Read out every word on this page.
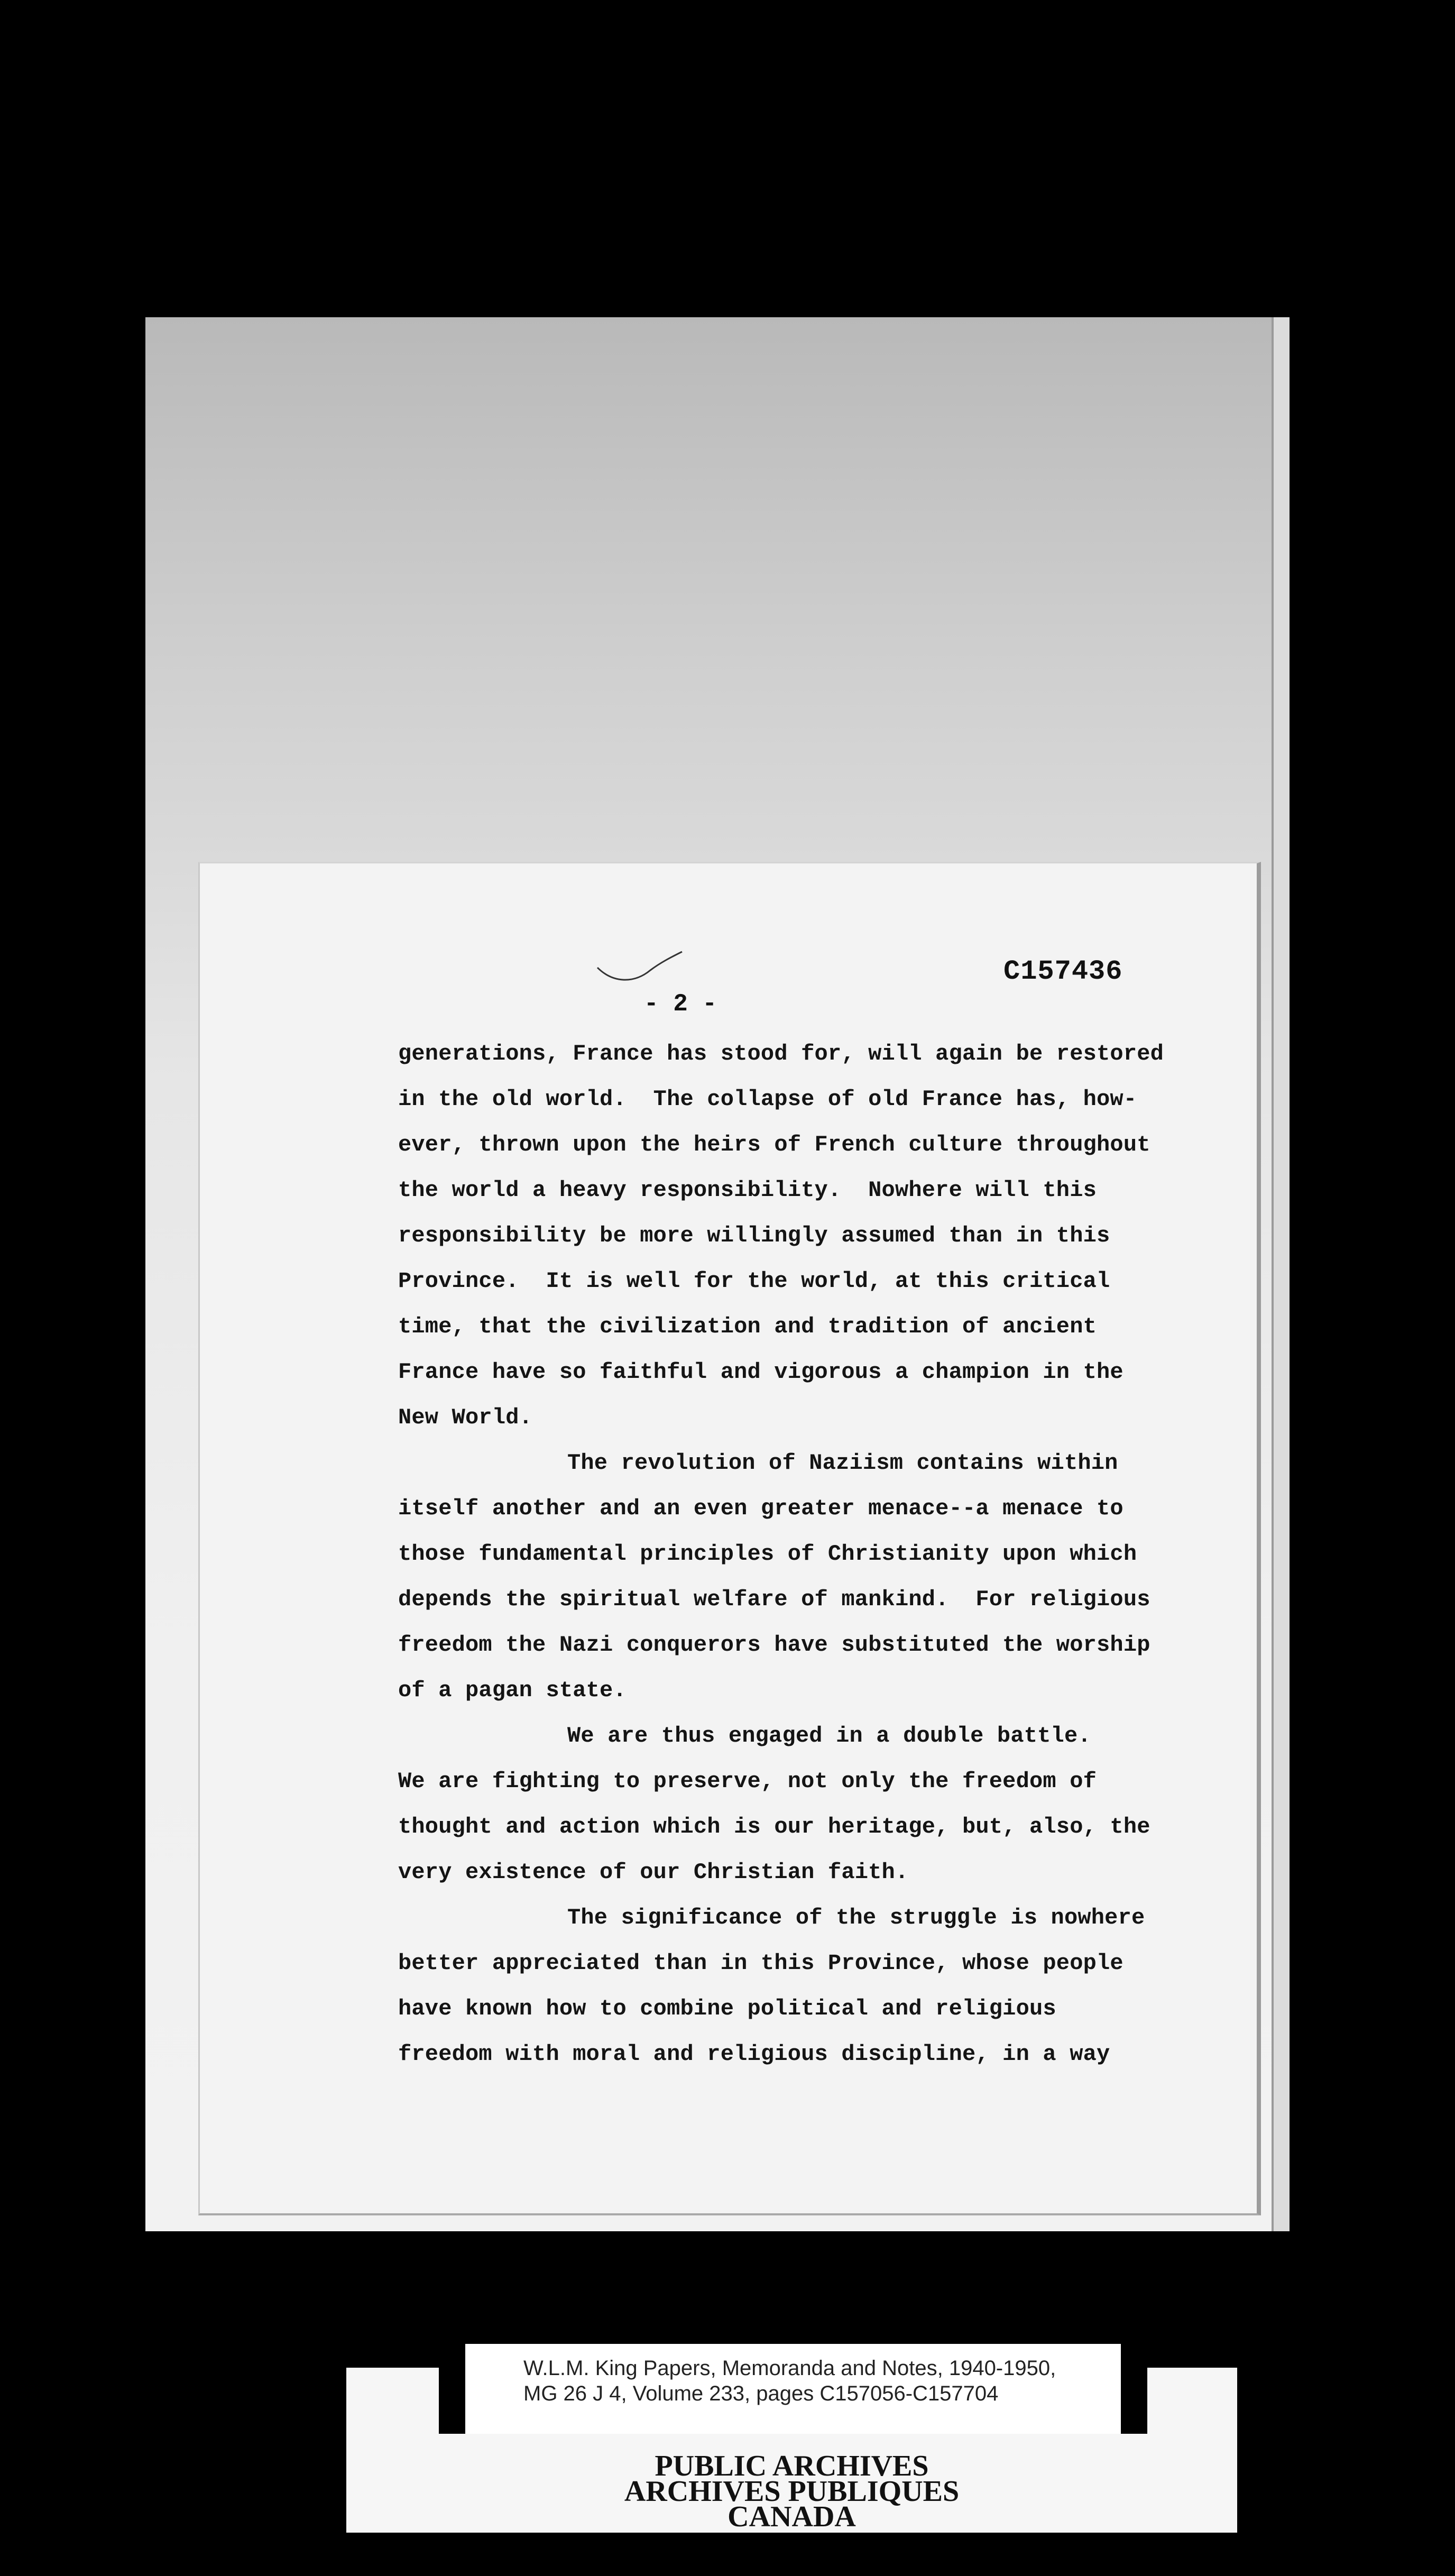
C157436
- 2 -
generations, France has stood for, will again be restored
in the old world.  The collapse of old France has, how-
ever, thrown upon the heirs of French culture throughout
the world a heavy responsibility.  Nowhere will this
responsibility be more willingly assumed than in this
Province.  It is well for the world, at this critical
time, that the civilization and tradition of ancient
France have so faithful and vigorous a champion in the
New World.
The revolution of Naziism contains within
itself another and an even greater menace--a menace to
those fundamental principles of Christianity upon which
depends the spiritual welfare of mankind.  For religious
freedom the Nazi conquerors have substituted the worship
of a pagan state.
We are thus engaged in a double battle.
We are fighting to preserve, not only the freedom of
thought and action which is our heritage, but, also, the
very existence of our Christian faith.
The significance of the struggle is nowhere
better appreciated than in this Province, whose people
have known how to combine political and religious
freedom with moral and religious discipline, in a way
W.L.M. King Papers, Memoranda and Notes, 1940-1950,
MG 26 J 4, Volume 233, pages C157056-C157704
PUBLIC ARCHIVES
ARCHIVES PUBLIQUES
CANADA
